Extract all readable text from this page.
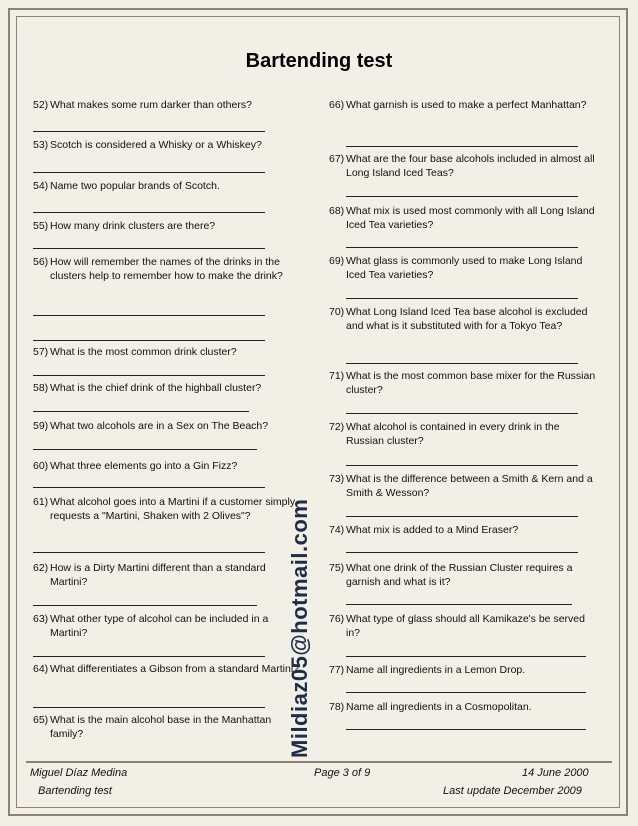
Bartending test
52) What makes some rum darker than others?
53) Scotch is considered a Whisky or a Whiskey?
54) Name two popular brands of Scotch.
55) How many drink clusters are there?
56) How will remember the names of the drinks in the clusters help to remember how to make the drink?
57) What is the most common drink cluster?
58) What is the chief drink of the highball cluster?
59) What two alcohols are in a Sex on The Beach?
60) What three elements go into a Gin Fizz?
61) What alcohol goes into a Martini if a customer simply requests a "Martini, Shaken with 2 Olives"?
62) How is a Dirty Martini different than a standard Martini?
63) What other type of alcohol can be included in a Martini?
64) What differentiates a Gibson from a standard Martini?
65) What is the main alcohol base in the Manhattan family?
66) What garnish is used to make a perfect Manhattan?
67) What are the four base alcohols included in almost all Long Island Iced Teas?
68) What mix is used most commonly with all Long Island Iced Tea varieties?
69) What glass is commonly used to make Long Island Iced Tea varieties?
70) What Long Island Iced Tea base alcohol is excluded and what is it substituted with for a Tokyo Tea?
71) What is the most common base mixer for the Russian cluster?
72) What alcohol is contained in every drink in the Russian cluster?
73) What is the difference between a Smith & Kern and a Smith & Wesson?
74) What mix is added to a Mind Eraser?
75) What one drink of the Russian Cluster requires a garnish and what is it?
76) What type of glass should all Kamikaze's be served in?
77) Name all ingredients in a Lemon Drop.
78) Name all ingredients in a Cosmopolitan.
Mildiaz05@hotmail.com
Miguel Díaz Medina
Bartending test
Page 3 of 9	14 June 2000
Last update December 2009
